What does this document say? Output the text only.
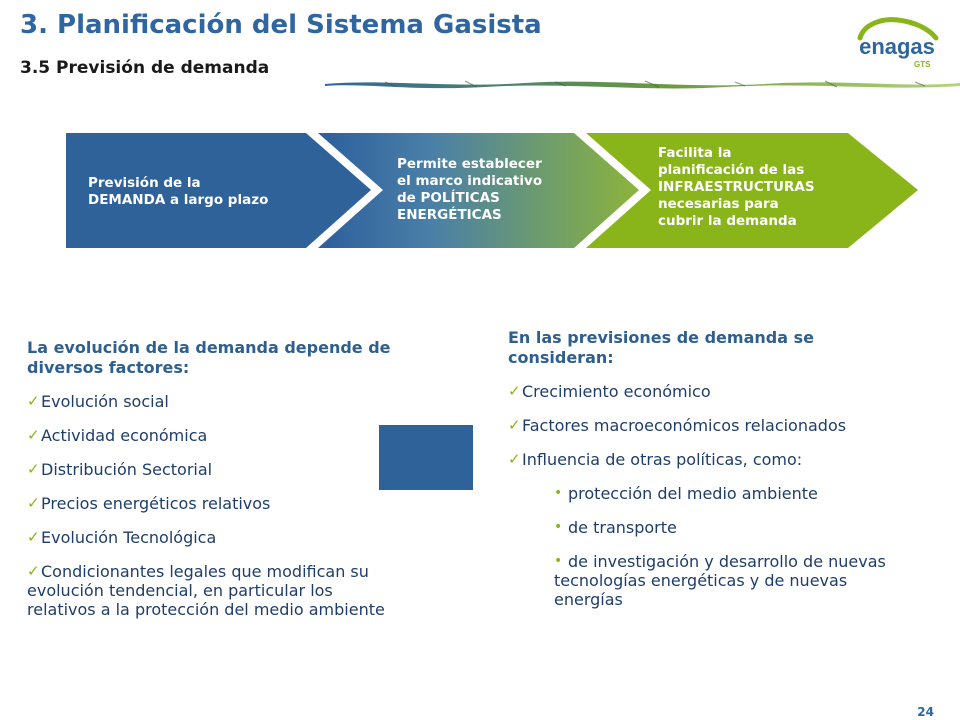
3. Planificación del Sistema Gasista
3.5 Previsión de demanda
enagas
GTS
Previsión de la
DEMANDA a largo plazo
Permite establecer
el marco indicativo
de POLÍTICAS
ENERGÉTICAS
Facilita la
planificación de las
INFRAESTRUCTURAS
necesarias para
cubrir la demanda
La evolución de la demanda depende de
diversos factores:
✓ Evolución social
✓ Actividad económica
✓ Distribución Sectorial
✓ Precios energéticos relativos
✓ Evolución Tecnológica
✓ Condicionantes legales que modifican su
evolución tendencial, en particular los
relativos a la protección del medio ambiente
En las previsiones de demanda se
consideran:
✓ Crecimiento económico
✓ Factores macroeconómicos relacionados
✓ Influencia de otras políticas, como:
• protección del medio ambiente
• de transporte
• de investigación y desarrollo de nuevas
tecnologías energéticas y de nuevas
energías
24
